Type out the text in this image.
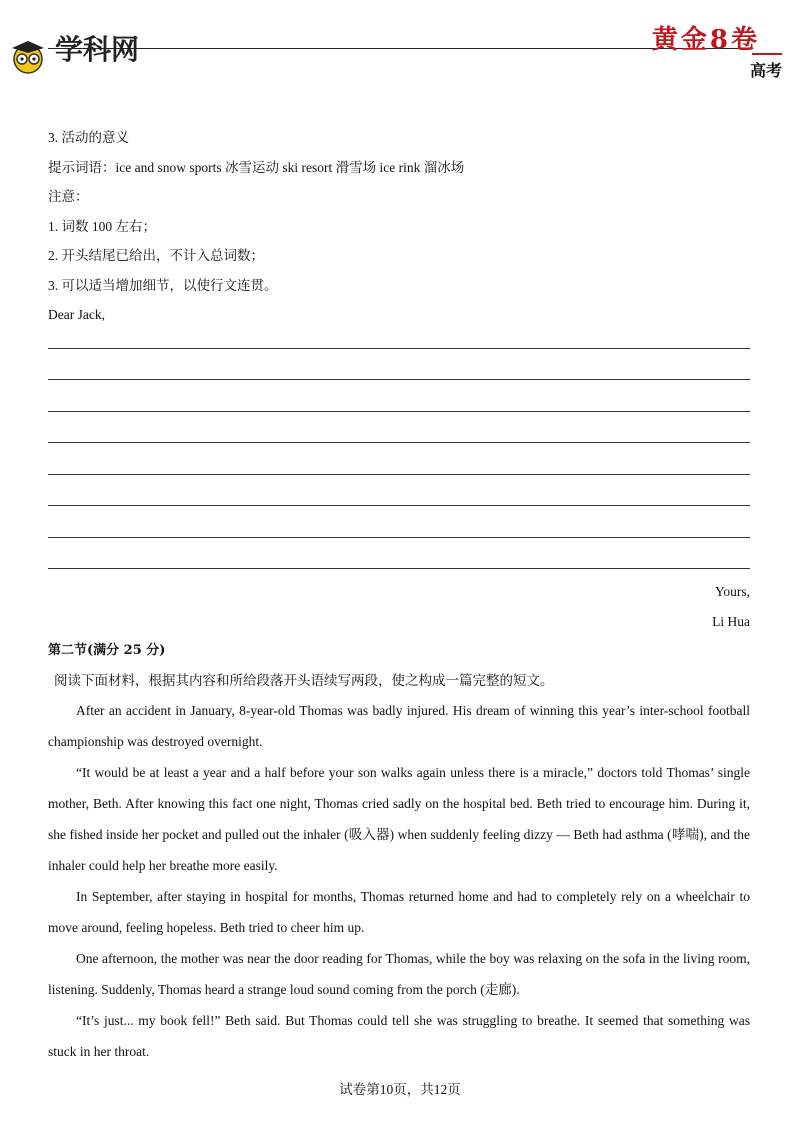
学科网	黄金8卷
高考
3. 活动的意义
提示词语：ice and snow sports 冰雪运动 ski resort 滑雪场 ice rink 溜冰场
注意：
1. 词数 100 左右；
2. 开头结尾已给出，不计入总词数；
3. 可以适当增加细节，以使行文连贯。
Dear Jack,
Yours,
Li Hua
第二节(满分 25 分)
阅读下面材料，根据其内容和所给段落开头语续写两段，使之构成一篇完整的短文。

After an accident in January, 8-year-old Thomas was badly injured. His dream of winning this year’s inter-school football championship was destroyed overnight.

“It would be at least a year and a half before your son walks again unless there is a miracle,” doctors told Thomas’ single mother, Beth. After knowing this fact one night, Thomas cried sadly on the hospital bed. Beth tried to encourage him. During it, she fished inside her pocket and pulled out the inhaler (吸入器) when suddenly feeling dizzy — Beth had asthma (哮喘), and the inhaler could help her breathe more easily.

In September, after staying in hospital for months, Thomas returned home and had to completely rely on a wheelchair to move around, feeling hopeless. Beth tried to cheer him up.

One afternoon, the mother was near the door reading for Thomas, while the boy was relaxing on the sofa in the living room, listening. Suddenly, Thomas heard a strange loud sound coming from the porch (走廊).

“It’s just... my book fell!” Beth said. But Thomas could tell she was struggling to breathe. It seemed that something was stuck in her throat.

试卷第10页，共12页
